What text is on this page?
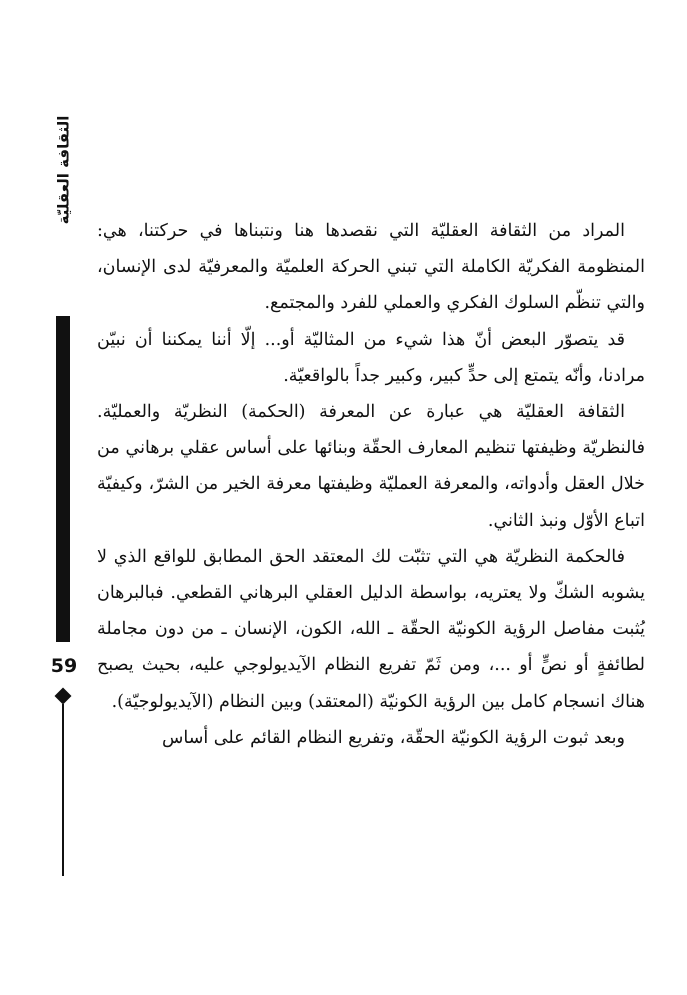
الثقافة العقليّة
59

المراد من الثقافة العقليّة التي نقصدها هنا ونتبناها في حركتنا، هي: المنظومة الفكريّة الكاملة التي تبني الحركة العلميّة والمعرفيّة لدى الإنسان، والتي تنظّم السلوك الفكري والعملي للفرد والمجتمع.

قد يتصوّر البعض أنّ هذا شيء من المثاليّة أو... إلّا أننا يمكننا أن نبيّن مرادنا، وأنّه يتمتع إلى حدٍّ كبير، وكبير جداً بالواقعيّة.

الثقافة العقليّة هي عبارة عن المعرفة (الحكمة) النظريّة والعمليّة. فالنظريّة وظيفتها تنظيم المعارف الحقّة وبنائها على أساس عقلي برهاني من خلال العقل وأدواته، والمعرفة العمليّة وظيفتها معرفة الخير من الشرّ، وكيفيّة اتباع الأوّل ونبذ الثاني.

فالحكمة النظريّة هي التي تثبّت لك المعتقد الحق المطابق للواقع الذي لا يشوبه الشكّ ولا يعتريه، بواسطة الدليل العقلي البرهاني القطعي. فبالبرهان يُثبت مفاصل الرؤية الكونيّة الحقّة ـ الله، الكون، الإنسان ـ من دون مجاملة لطائفةٍ أو نصٍّ أو ...، ومن ثَمّ تفريع النظام الآيديولوجي عليه، بحيث يصبح هناك انسجام كامل بين الرؤية الكونيّة (المعتقد) وبين النظام (الآيديولوجيّة).

وبعد ثبوت الرؤية الكونيّة الحقّة، وتفريع النظام القائم على أساس
